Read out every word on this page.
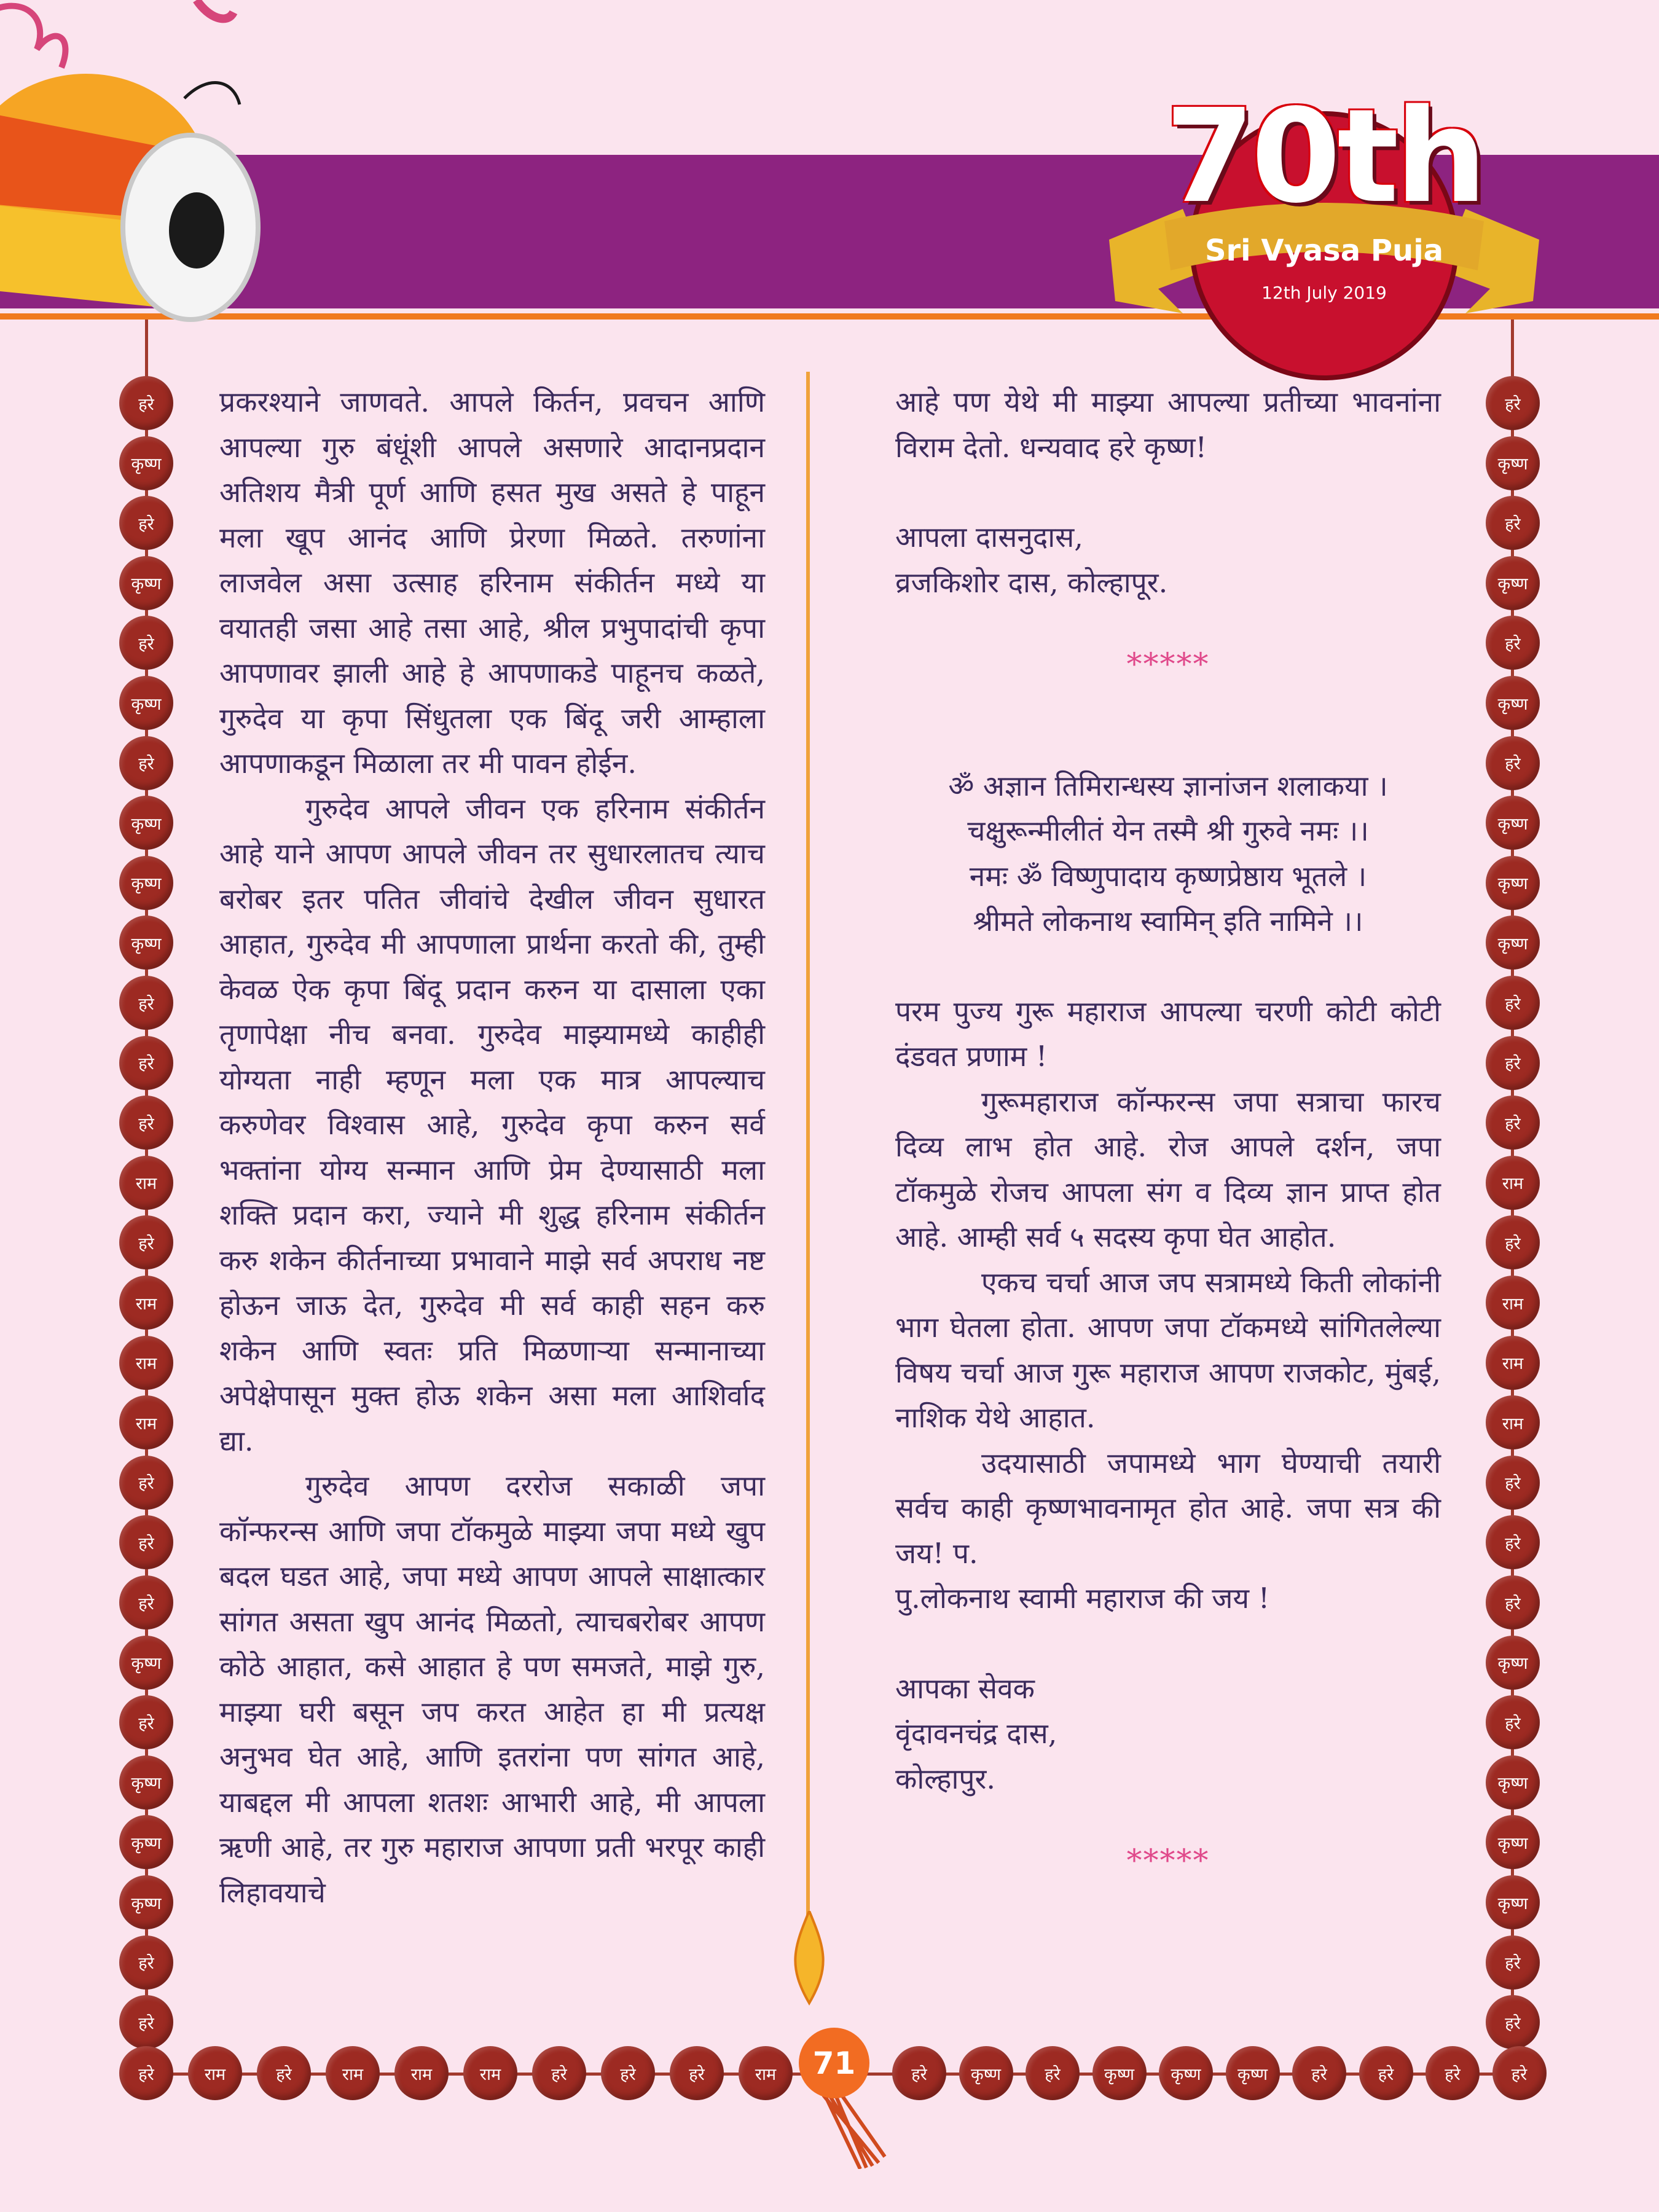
70th
Sri Vyasa Puja
12th July 2019
हरे
कृष्ण
हरे
कृष्ण
हरे
कृष्ण
हरे
कृष्ण
कृष्ण
कृष्ण
हरे
हरे
हरे
राम
हरे
राम
राम
राम
हरे
हरे
हरे
कृष्ण
हरे
कृष्ण
कृष्ण
कृष्ण
हरे
हरे
हरे
कृष्ण
हरे
कृष्ण
हरे
कृष्ण
हरे
कृष्ण
कृष्ण
कृष्ण
हरे
हरे
हरे
राम
हरे
राम
राम
राम
हरे
हरे
हरे
कृष्ण
हरे
कृष्ण
कृष्ण
कृष्ण
हरे
हरे
हरे	राम	हरे	राम	राम	राम	हरे	हरे	हरे	राम	हरे	कृष्ण	हरे	कृष्ण	कृष्ण	कृष्ण	हरे	हरे	हरे	हरे

प्रकरश्याने जाणवते. आपले किर्तन, प्रवचन आणि आपल्या गुरु बंधूंशी आपले असणारे आदानप्रदान अतिशय मैत्री पूर्ण आणि हसत मुख असते हे पाहून मला खूप आनंद आणि प्रेरणा मिळते. तरुणांना लाजवेल असा उत्साह हरिनाम संकीर्तन मध्ये या वयातही जसा आहे तसा आहे, श्रील प्रभुपादांची कृपा आपणावर झाली आहे हे आपणाकडे पाहूनच कळते, गुरुदेव या कृपा सिंधुतला एक बिंदू जरी आम्हाला आपणाकडून मिळाला तर मी पावन होईन.

गुरुदेव आपले जीवन एक हरिनाम संकीर्तन आहे याने आपण आपले जीवन तर सुधारलातच त्याच बरोबर इतर पतित जीवांचे देखील जीवन सुधारत आहात, गुरुदेव मी आपणाला प्रार्थना करतो की, तुम्ही केवळ ऐक कृपा बिंदू प्रदान करुन या दासाला एका तृणापेक्षा नीच बनवा. गुरुदेव माझ्यामध्ये काहीही योग्यता नाही म्हणून मला एक मात्र आपल्याच करुणेवर विश्वास आहे, गुरुदेव कृपा करुन सर्व भक्तांना योग्य सन्मान आणि प्रेम देण्यासाठी मला शक्ति प्रदान करा, ज्याने मी शुद्ध हरिनाम संकीर्तन करु शकेन कीर्तनाच्या प्रभावाने माझे सर्व अपराध नष्ट होऊन जाऊ देत, गुरुदेव मी सर्व काही सहन करु शकेन आणि स्वतः प्रति मिळणाऱ्या सन्मानाच्या अपेक्षेपासून मुक्त होऊ शकेन असा मला आशिर्वाद द्या.

गुरुदेव आपण दररोज सकाळी जपा कॉन्फरन्स आणि जपा टॉकमुळे माझ्या जपा मध्ये खुप बदल घडत आहे, जपा मध्ये आपण आपले साक्षात्कार सांगत असता खुप आनंद मिळतो, त्याचबरोबर आपण कोठे आहात, कसे आहात हे पण समजते, माझे गुरु, माझ्या घरी बसून जप करत आहेत हा मी प्रत्यक्ष अनुभव घेत आहे, आणि इतरांना पण सांगत आहे, याबद्दल मी आपला शतशः आभारी आहे, मी आपला ऋणी आहे, तर गुरु महाराज आपणा प्रती भरपूर काही लिहावयाचे

आहे पण येथे मी माझ्या आपल्या प्रतीच्या भावनांना विराम देतो. धन्यवाद हरे कृष्ण!

आपला दासनुदास,
व्रजकिशोर दास, कोल्हापूर.
*****
ॐ अज्ञान तिमिरान्धस्य ज्ञानांजन शलाकया ।
चक्षुरून्मीलीतं येन तस्मै श्री गुरुवे नमः ।।
नमः ॐ विष्णुपादाय कृष्णप्रेष्ठाय भूतले ।
श्रीमते लोकनाथ स्वामिन् इति नामिने ।।

परम पुज्य गुरू महाराज आपल्या चरणी कोटी कोटी दंडवत प्रणाम !

गुरूमहाराज कॉन्फरन्स जपा सत्राचा फारच दिव्य लाभ होत आहे. रोज आपले दर्शन, जपा टॉकमुळे रोजच आपला संग व दिव्य ज्ञान प्राप्त होत आहे. आम्ही सर्व ५ सदस्य कृपा घेत आहोत.

एकच चर्चा आज जप सत्रामध्ये किती लोकांनी भाग घेतला होता. आपण जपा टॉकमध्ये सांगितलेल्या विषय चर्चा आज गुरू महाराज आपण राजकोट, मुंबई, नाशिक येथे आहात.

उदयासाठी जपामध्ये भाग घेण्याची तयारी सर्वच काही कृष्णभावनामृत होत आहे. जपा सत्र की जय! प.

पु.लोकनाथ स्वामी महाराज की जय !

आपका सेवक
वृंदावनचंद्र दास,
कोल्हापुर.
*****
71
